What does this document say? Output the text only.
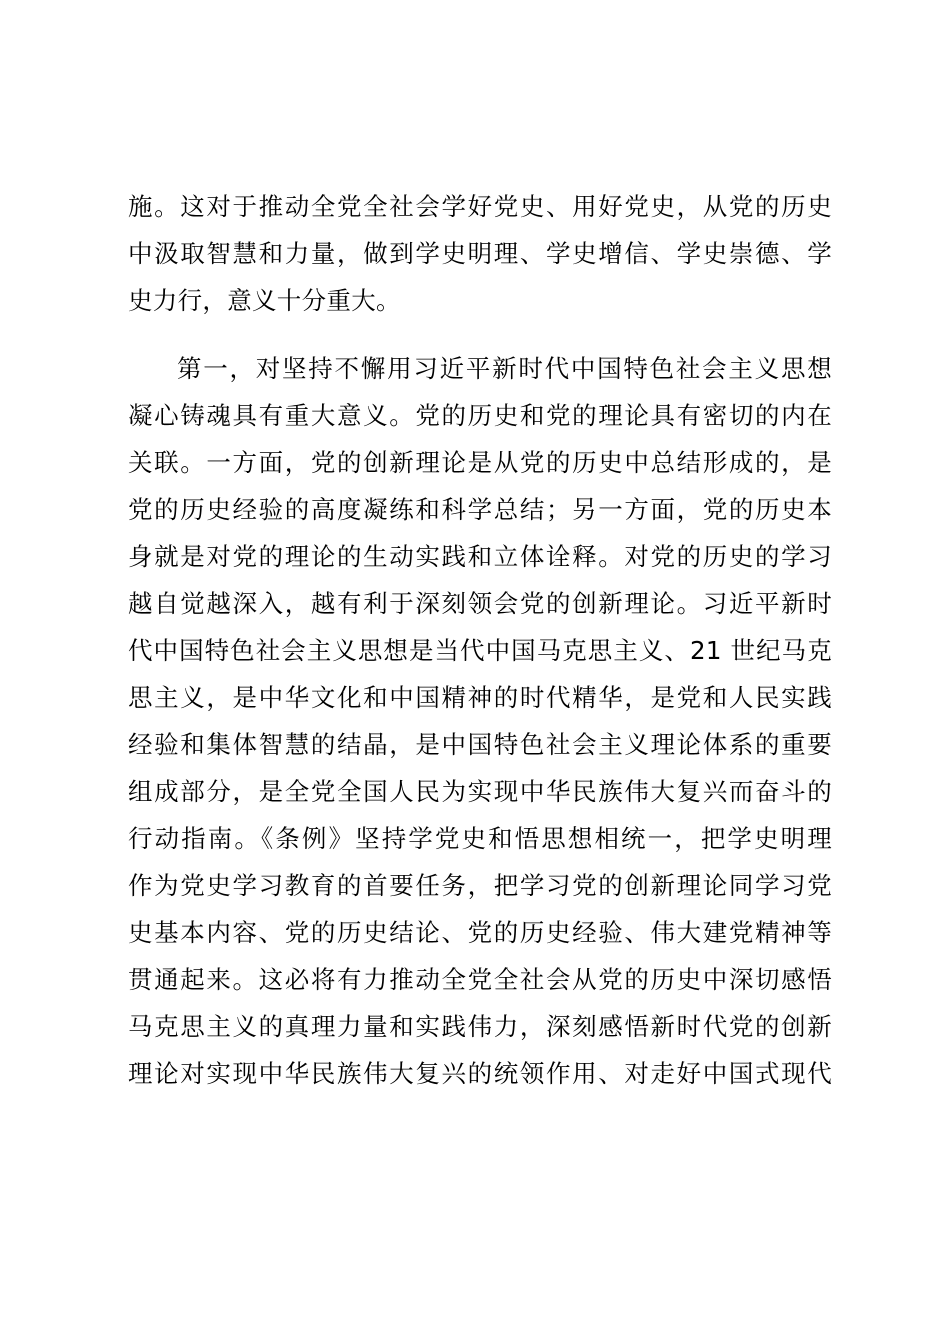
施。这对于推动全党全社会学好党史、用好党史，从党的历史
中汲取智慧和力量，做到学史明理、学史增信、学史崇德、学
史力行，意义十分重大。
第一，对坚持不懈用习近平新时代中国特色社会主义思想
凝心铸魂具有重大意义。党的历史和党的理论具有密切的内在
关联。一方面，党的创新理论是从党的历史中总结形成的，是
党的历史经验的高度凝练和科学总结；另一方面，党的历史本
身就是对党的理论的生动实践和立体诠释。对党的历史的学习
越自觉越深入，越有利于深刻领会党的创新理论。习近平新时
代中国特色社会主义思想是当代中国马克思主义、21 世纪马克
思主义，是中华文化和中国精神的时代精华，是党和人民实践
经验和集体智慧的结晶，是中国特色社会主义理论体系的重要
组成部分，是全党全国人民为实现中华民族伟大复兴而奋斗的
行动指南。《条例》坚持学党史和悟思想相统一，把学史明理
作为党史学习教育的首要任务，把学习党的创新理论同学习党
史基本内容、党的历史结论、党的历史经验、伟大建党精神等
贯通起来。这必将有力推动全党全社会从党的历史中深切感悟
马克思主义的真理力量和实践伟力，深刻感悟新时代党的创新
理论对实现中华民族伟大复兴的统领作用、对走好中国式现代
